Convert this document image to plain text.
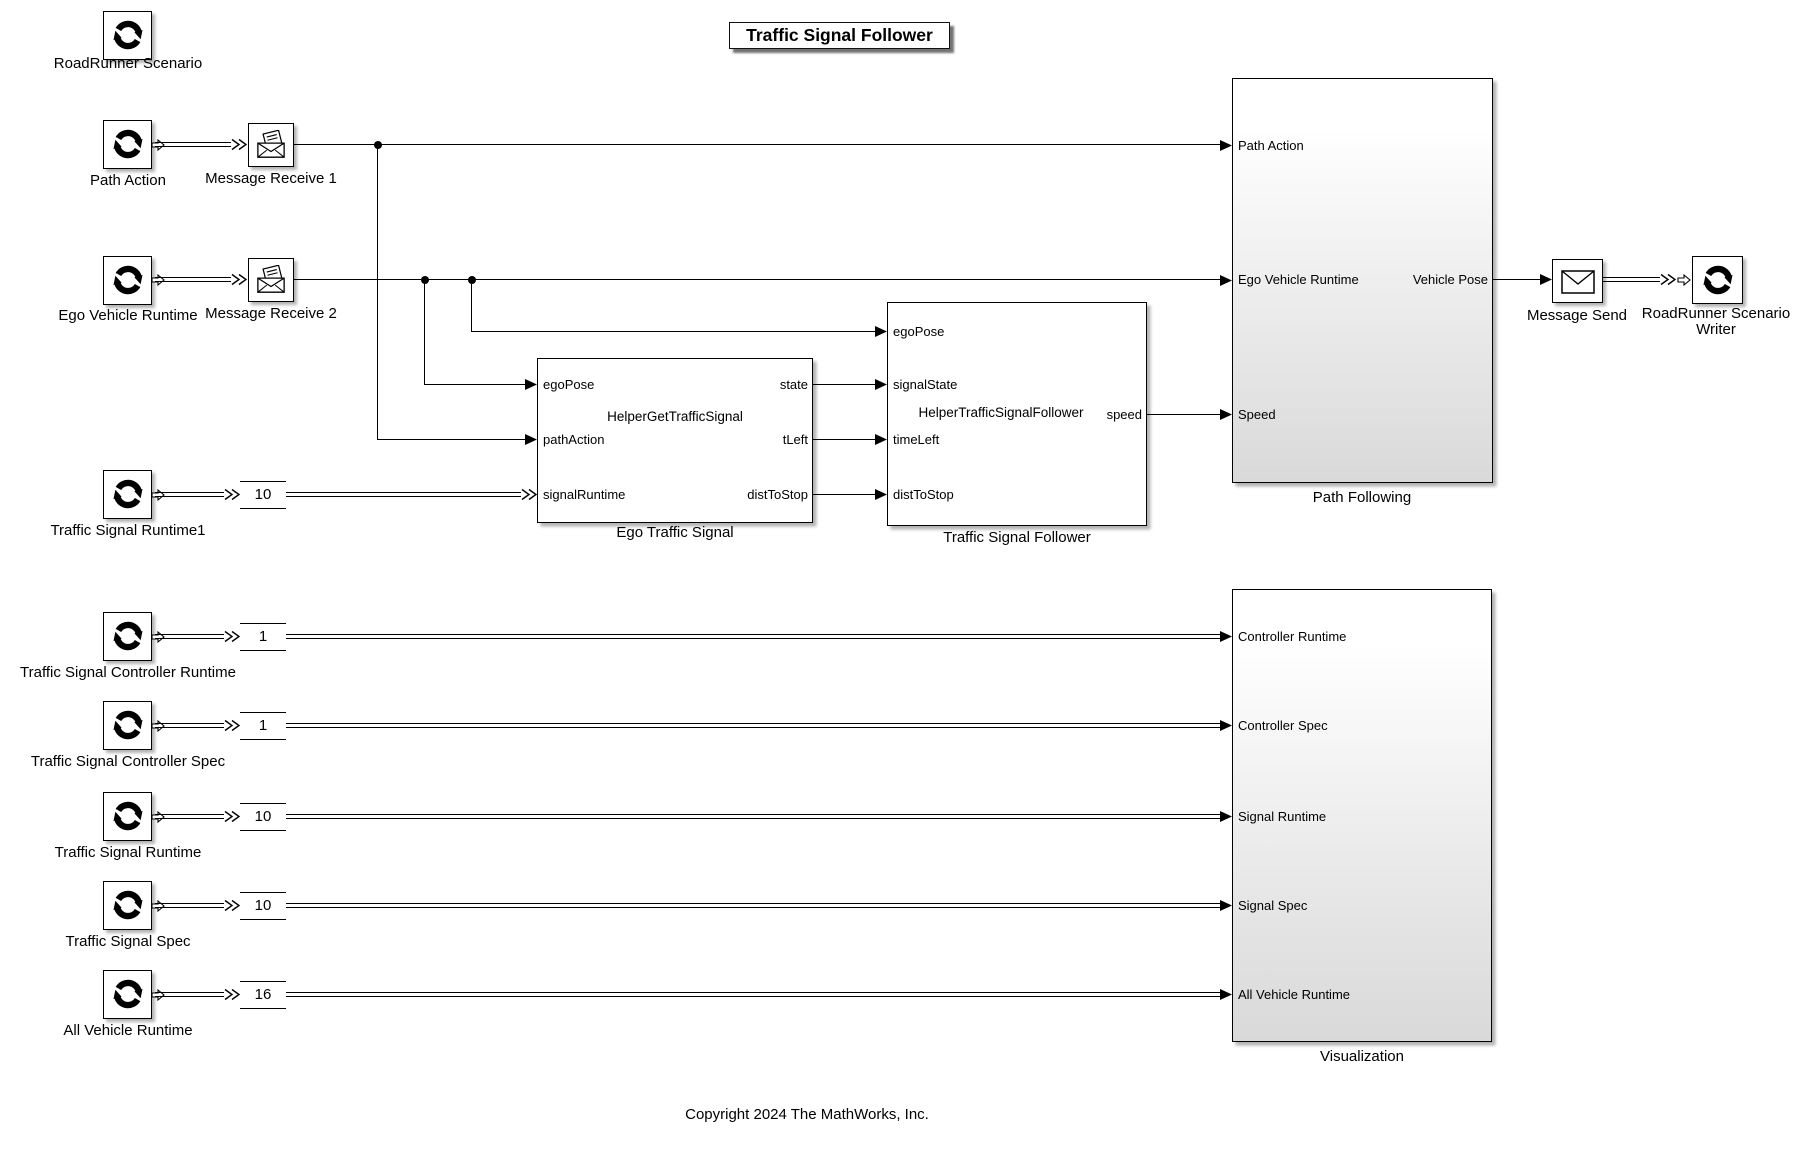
Traffic Signal Follower
RoadRunner Scenario
Path Action
Ego Vehicle Runtime
Traffic Signal Runtime1
Traffic Signal Controller Runtime
Traffic Signal Controller Spec
Traffic Signal Runtime
Traffic Signal Spec
All Vehicle Runtime
Message Receive 1
Message Receive 2	Message Send RoadRunner Scenario
Writer
egoPose
pathAction
signalRuntime
state
tLeft
distToStop
HelperGetTrafficSignal
Ego Traffic Signal
egoPose
signalState
timeLeft
distToStop
HelperTrafficSignalFollower	speed
Traffic Signal Follower
Path Action
Ego Vehicle Runtime
Speed
Vehicle Pose
Path Following
Controller Runtime
Controller Spec
Signal Runtime
Signal Spec
All Vehicle Runtime
Visualization
10
1
1
10
10
16
Copyright 2024 The MathWorks, Inc.
